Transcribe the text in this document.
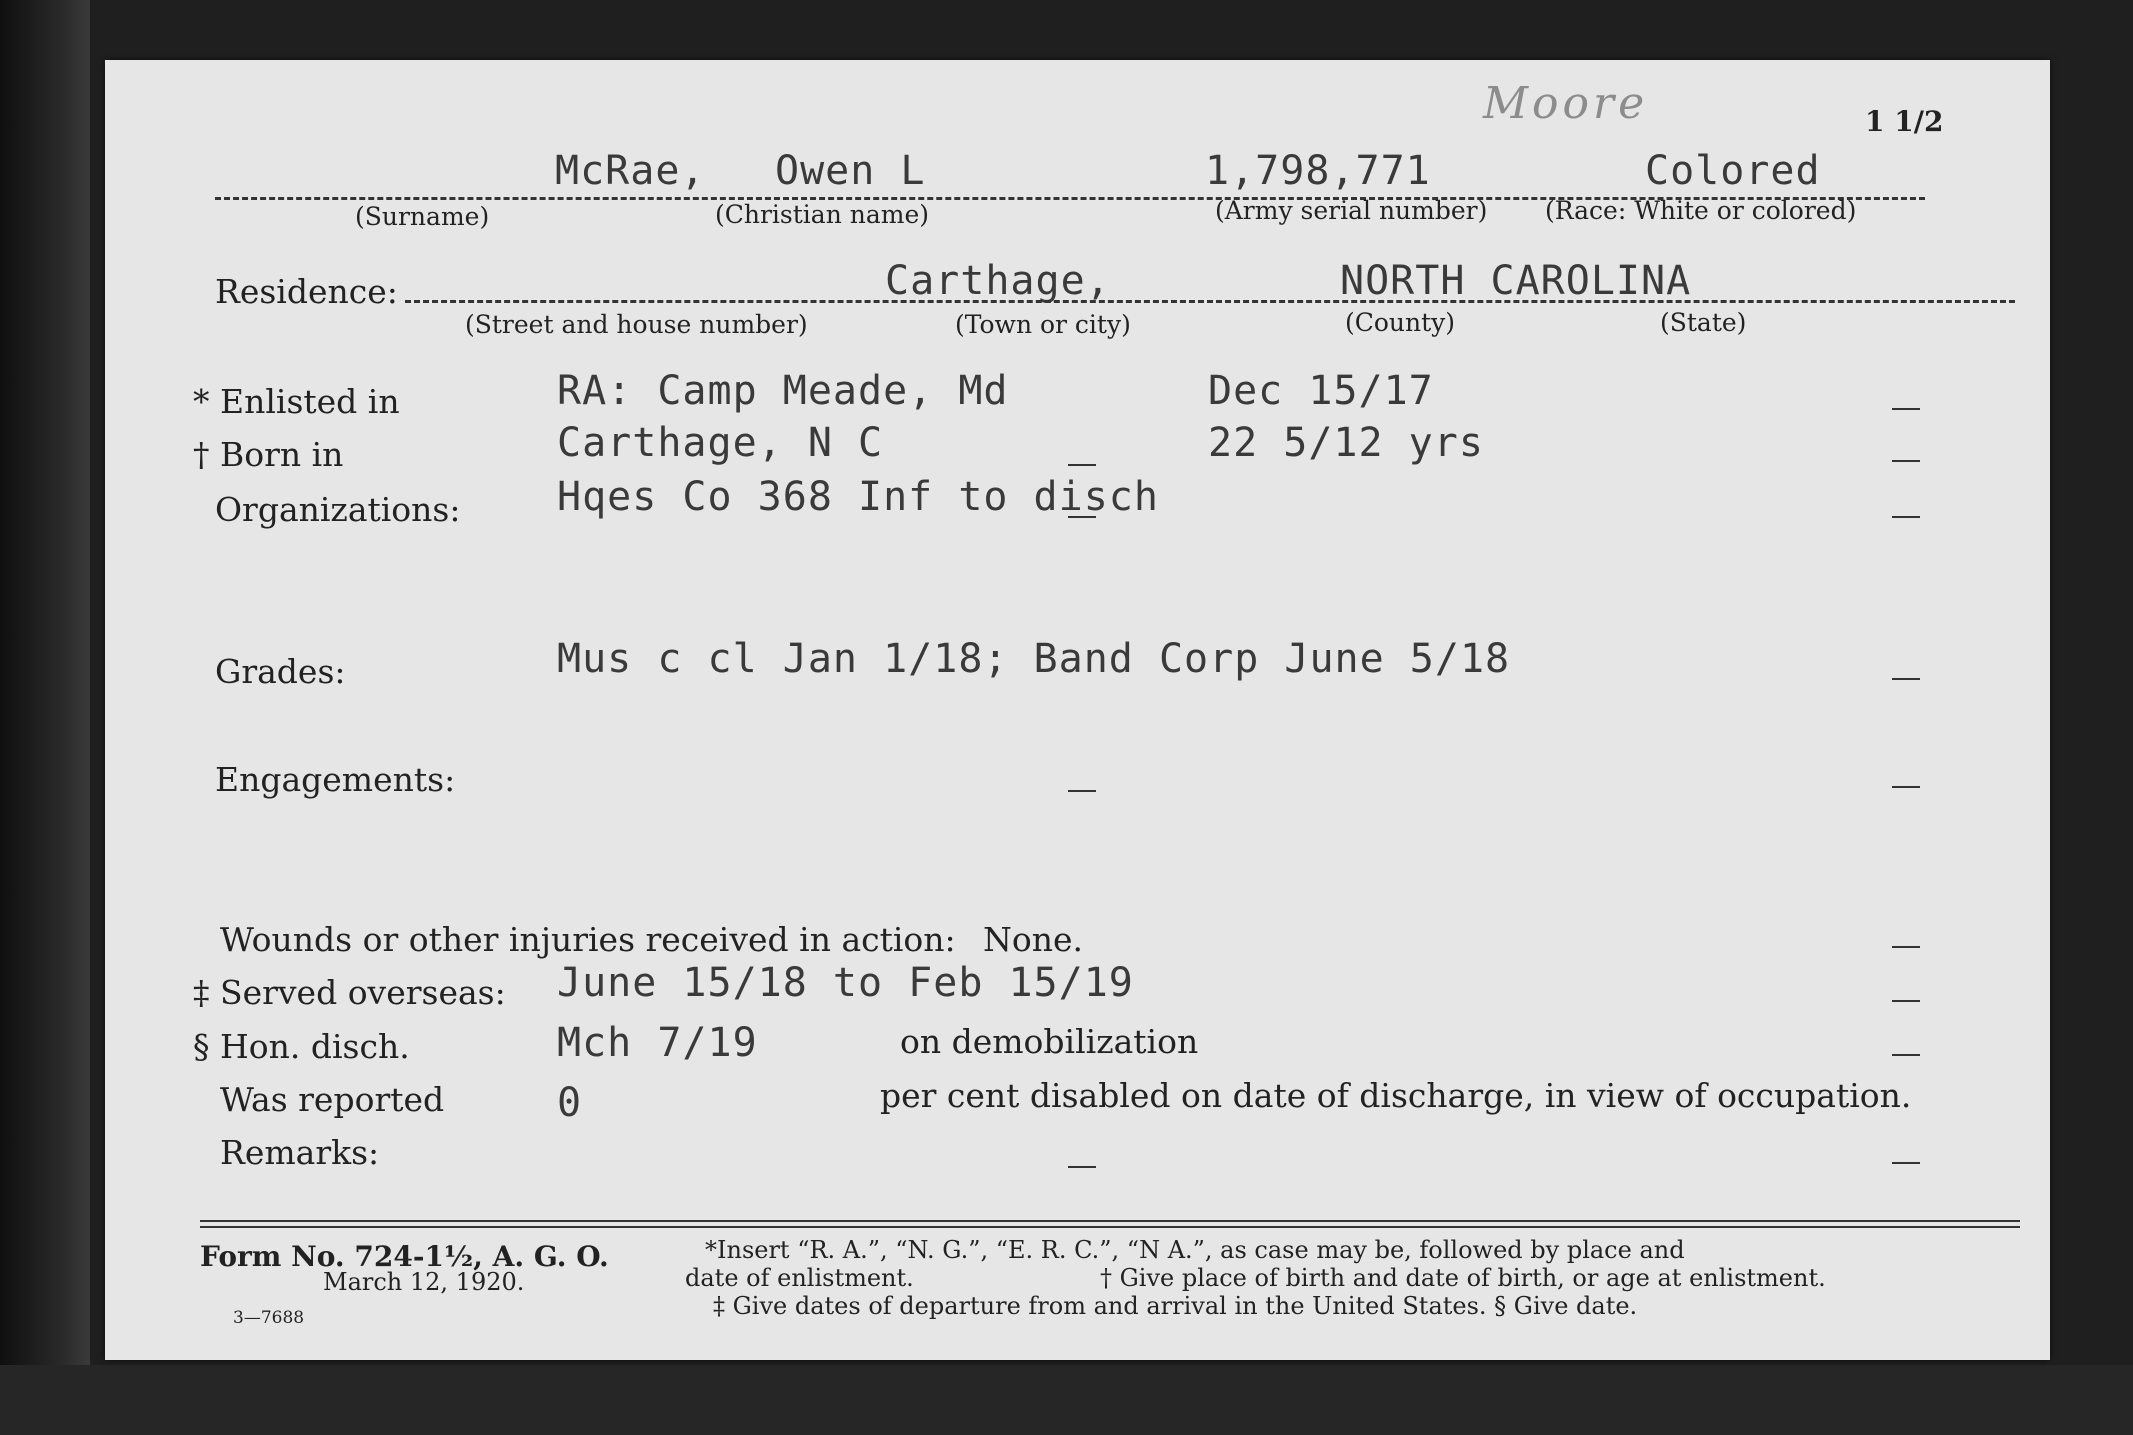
Moore	1 1/2
McRae, Owen L	1,798,771	Colored
(Surname)	(Christian name)	(Army serial number) (Race: White or colored)
Residence:	Carthage,	NORTH CAROLINA
(Street and house number)	(Town or city)	(County)	(State)
* Enlisted in	RA: Camp Meade, Md	Dec 15/17
† Born in	Carthage, N C	22 5/12 yrs
Organizations: Hqes Co 368 Inf to disch
Grades:	Mus c cl Jan 1/18; Band Corp June 5/18
Engagements:
Wounds or other injuries received in action: None.
‡ Served overseas: June 15/18 to Feb 15/19
§ Hon. disch.	Mch 7/19	on demobilization
Was reported	0	per cent disabled on date of discharge, in view of occupation.
Remarks:
Form No. 724-1½, A. G. O.
March 12, 1920.
3—7688
*Insert “R. A.”, “N. G.”, “E. R. C.”, “N A.”, as case may be, followed by place and
date of enlistment.	† Give place of birth and date of birth, or age at enlistment.
‡ Give dates of departure from and arrival in the United States. § Give date.
